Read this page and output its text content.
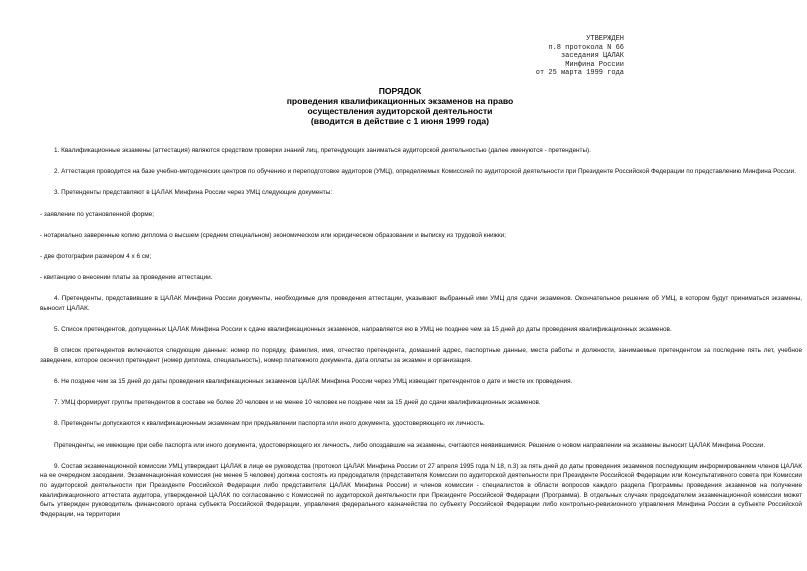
УТВЕРЖДЕН
п.8 протокола N 66
заседания ЦАЛАК
Минфина России
от 25 марта 1999 года
ПОРЯДОК
проведения квалификационных экзаменов на право
осуществления аудиторской деятельности
(вводится в действие с 1 июня 1999 года)

1. Квалификационные экзамены (аттестация) являются средством проверки знаний лиц, претендующих заниматься аудиторской деятельностью (далее именуются - претенденты).

2. Аттестация проводится на базе учебно-методических центров по обучению и переподготовке аудиторов (УМЦ), определяемых Комиссией по аудиторской деятельности при Президенте Российской Федерации по представлению Минфина России.

3. Претенденты представляют в ЦАЛАК Минфина России через УМЦ следующие документы:

- заявление по установленной форме;

- нотариально заверенные копию диплома о высшем (среднем специальном) экономическом или юридическом образовании и выписку из трудовой книжки;

- две фотографии размером 4 х 6 см;

- квитанцию о внесении платы за проведение аттестации.

4. Претенденты, представившие в ЦАЛАК Минфина России документы, необходимые для проведения аттестации, указывают выбранный ими УМЦ для сдачи экзаменов. Окончательное решение об УМЦ, в котором будут приниматься экзамены, выносит ЦАЛАК.

5. Список претендентов, допущенных ЦАЛАК Минфина России к сдаче квалификационных экзаменов, направляется ею в УМЦ не позднее чем за 15 дней до даты проведения квалификационных экзаменов.

В список претендентов включаются следующие данные: номер по порядку, фамилия, имя, отчество претендента, домашний адрес, паспортные данные, места работы и должности, занимаемые претендентом за последние пять лет, учебное заведение, которое окончил претендент (номер диплома, специальность), номер платежного документа, дата оплаты за экзамен и организация.

6. Не позднее чем за 15 дней до даты проведения квалификационных экзаменов ЦАЛАК Минфина России через УМЦ извещает претендентов о дате и месте их проведения.

7. УМЦ формирует группы претендентов в составе не более 20 человек и не менее 10 человек не позднее чем за 15 дней до сдачи квалификационных экзаменов.

8. Претенденты допускаются к квалификационным экзаменам при предъявлении паспорта или иного документа, удостоверяющего их личность.

Претенденты, не имеющие при себе паспорта или иного документа, удостоверяющего их личность, либо опоздавшие на экзамены, считаются неявившимися. Решение о новом направлении на экзамены выносит ЦАЛАК Минфина России.

9. Состав экзаменационной комиссии УМЦ утверждает ЦАЛАК в лице ее руководства (протокол ЦАЛАК Минфина России от 27 апреля 1995 года N 18, п.3) за пять дней до даты проведения экзаменов последующим информированием членов ЦАЛАК на ее очередном заседании. Экзаменационная комиссия (не менее 5 человек) должна состоять из председателя (представителя Комиссии по аудиторской деятельности при Президенте Российской Федерации или Консультативного совета при Комиссии по аудиторской деятельности при Президенте Российской Федерации либо представителя ЦАЛАК Минфина России) и членов комиссии - специалистов в области вопросов каждого раздела Программы проведения экзаменов на получение квалификационного аттестата аудитора, утвержденной ЦАЛАК по согласованию с Комиссией по аудиторской деятельности при Президенте Российской Федерации (Программа). В отдельных случаях председателем экзаменационной комиссии может быть утвержден руководитель финансового органа субъекта Российской Федерации, управления федерального казначейства по субъекту Российской Федерации либо контрольно-ревизионного управления Минфина России в субъекте Российской Федерации, на территории
